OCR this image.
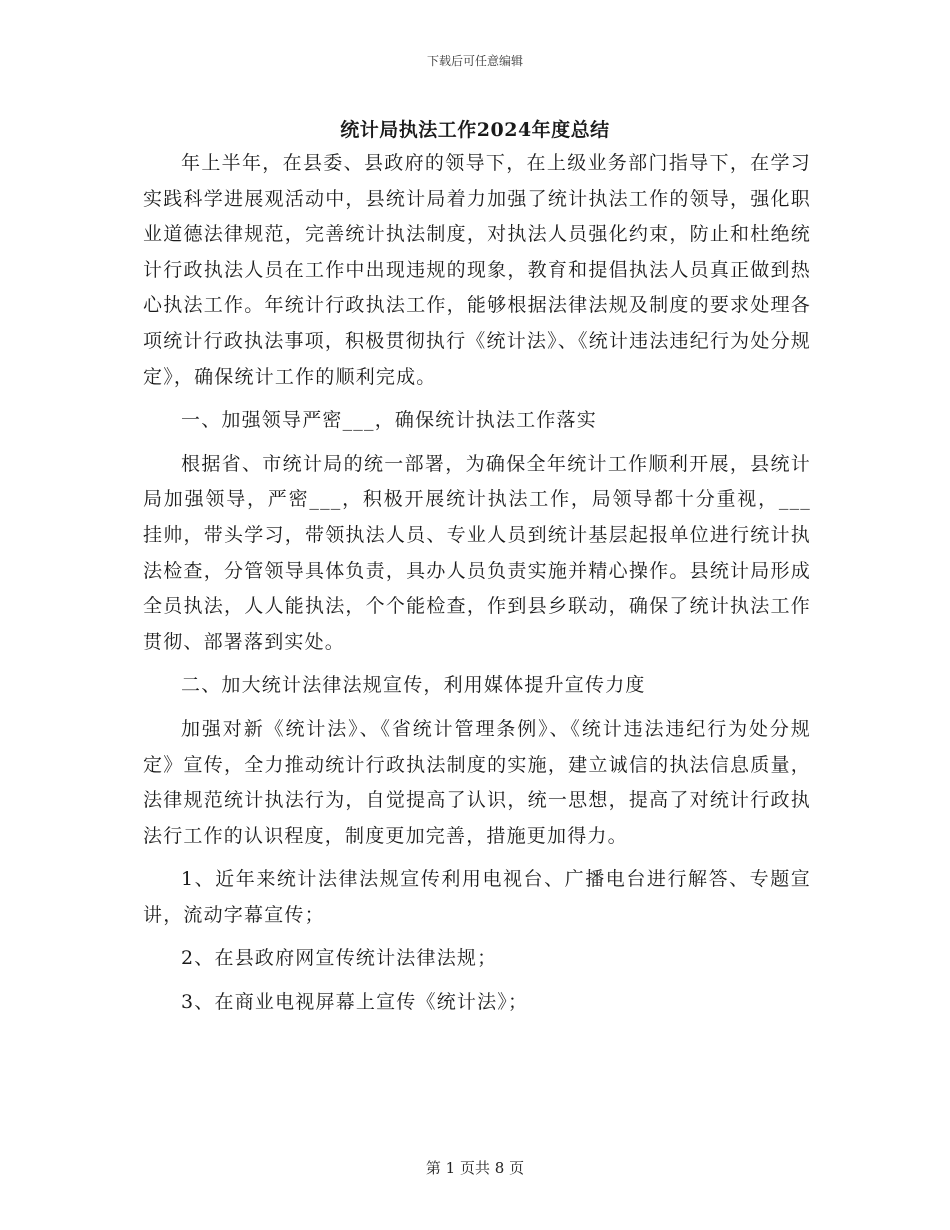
下载后可任意编辑
统计局执法工作2024年度总结

年上半年，在县委、县政府的领导下，在上级业务部门指导下，在学习实践科学进展观活动中，县统计局着力加强了统计执法工作的领导，强化职业道德法律规范，完善统计执法制度，对执法人员强化约束，防止和杜绝统计行政执法人员在工作中出现违规的现象，教育和提倡执法人员真正做到热心执法工作。年统计行政执法工作，能够根据法律法规及制度的要求处理各项统计行政执法事项，积极贯彻执行《统计法》、《统计违法违纪行为处分规定》，确保统计工作的顺利完成。

一、加强领导严密___，确保统计执法工作落实

根据省、市统计局的统一部署，为确保全年统计工作顺利开展，县统计局加强领导，严密___，积极开展统计执法工作，局领导都十分重视，___挂帅，带头学习，带领执法人员、专业人员到统计基层起报单位进行统计执法检查，分管领导具体负责，具办人员负责实施并精心操作。县统计局形成全员执法，人人能执法，个个能检查，作到县乡联动，确保了统计执法工作贯彻、部署落到实处。

二、加大统计法律法规宣传，利用媒体提升宣传力度

加强对新《统计法》、《省统计管理条例》、《统计违法违纪行为处分规定》宣传，全力推动统计行政执法制度的实施，建立诚信的执法信息质量，法律规范统计执法行为，自觉提高了认识，统一思想，提高了对统计行政执法行工作的认识程度，制度更加完善，措施更加得力。

1、近年来统计法律法规宣传利用电视台、广播电台进行解答、专题宣讲，流动字幕宣传；

2、在县政府网宣传统计法律法规；

3、在商业电视屏幕上宣传《统计法》；

第 1 页共 8 页
